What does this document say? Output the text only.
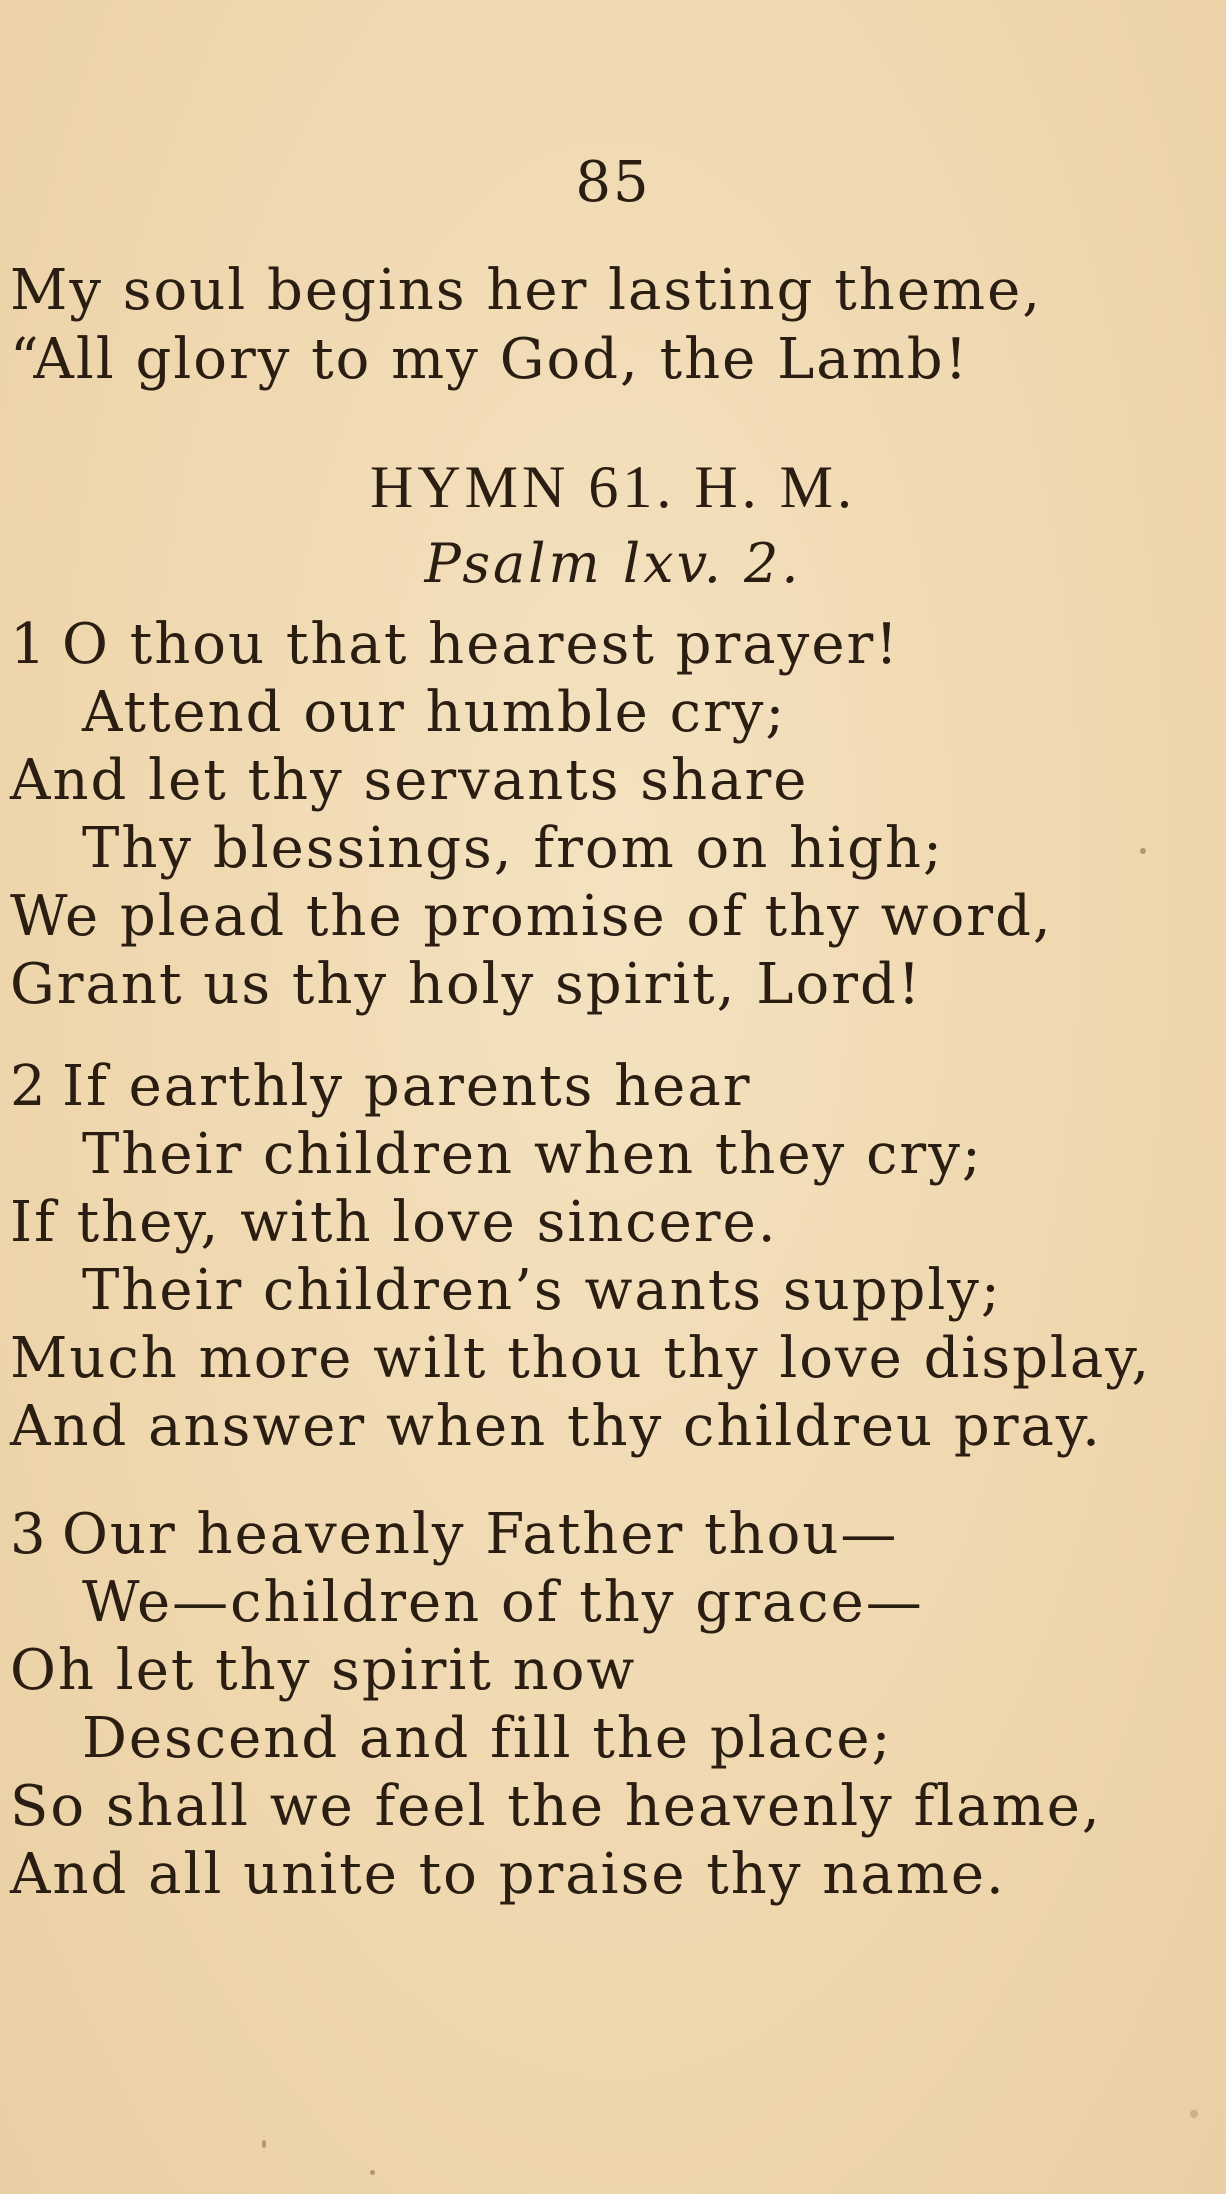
85
My soul begins her lasting theme,
“All glory to my God, the Lamb!
HYMN 61. H. M.
Psalm lxv. 2.
1 O thou that hearest prayer!
Attend our humble cry;
And let thy servants share
Thy blessings, from on high;
We plead the promise of thy word,
Grant us thy holy spirit, Lord!
2 If earthly parents hear
Their children when they cry;
If they, with love sincere.
Their children’s wants supply;
Much more wilt thou thy love display,
And answer when thy childreu pray.
3 Our heavenly Father thou—
We—children of thy grace—
Oh let thy spirit now
Descend and fill the place;
So shall we feel the heavenly flame,
And all unite to praise thy name.
